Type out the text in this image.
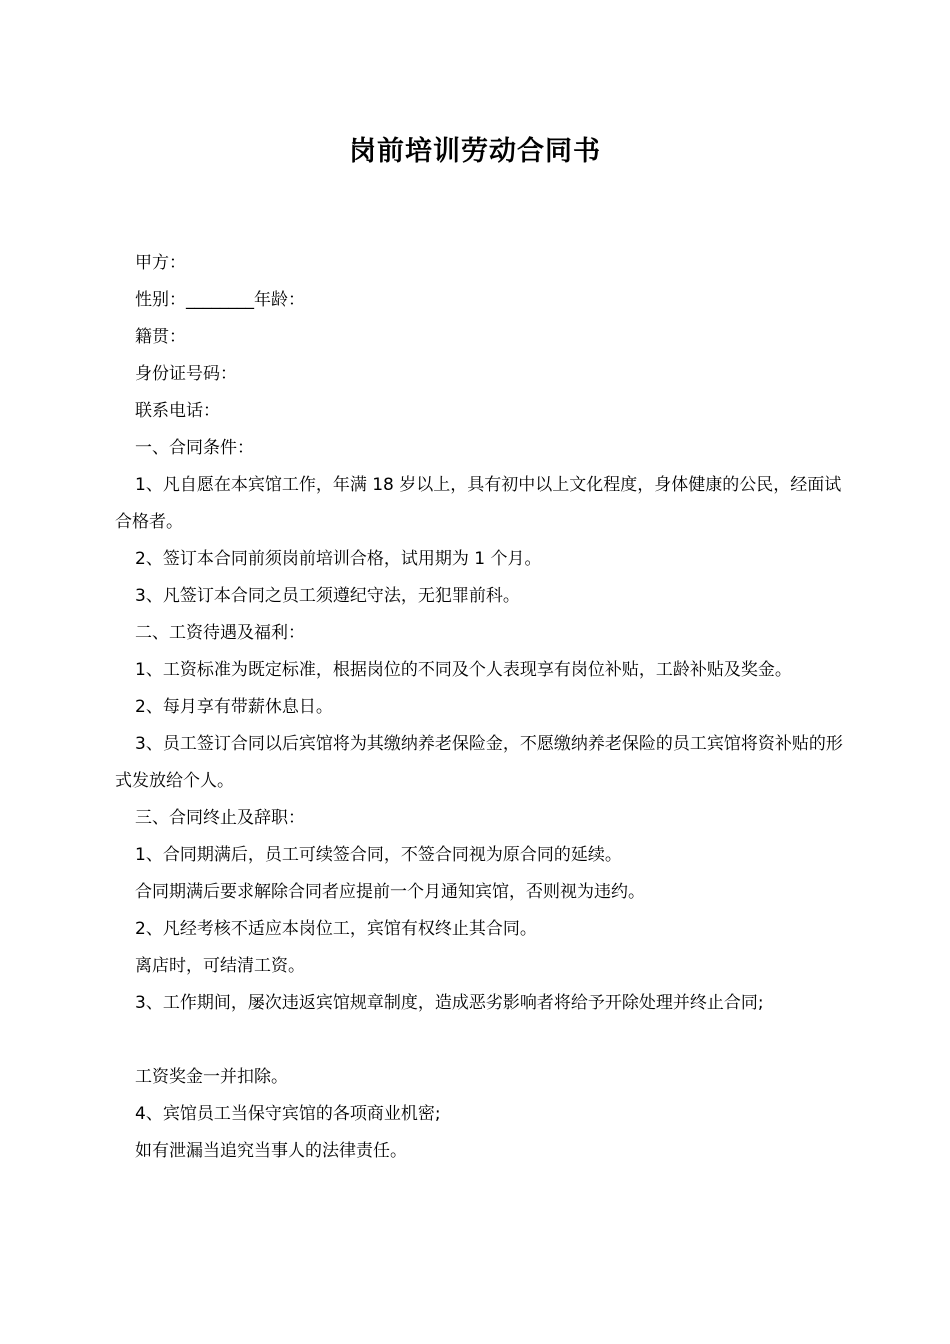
岗前培训劳动合同书

甲方：

性别：________年龄：

籍贯：

身份证号码：

联系电话：

一、合同条件：

1、凡自愿在本宾馆工作，年满 18 岁以上，具有初中以上文化程度，身体健康的公民，经面试合格者。

2、签订本合同前须岗前培训合格，试用期为 1 个月。

3、凡签订本合同之员工须遵纪守法，无犯罪前科。

二、工资待遇及福利：

1、工资标准为既定标准，根据岗位的不同及个人表现享有岗位补贴，工龄补贴及奖金。

2、每月享有带薪休息日。

3、员工签订合同以后宾馆将为其缴纳养老保险金，不愿缴纳养老保险的员工宾馆将资补贴的形式发放给个人。

三、合同终止及辞职：

1、合同期满后，员工可续签合同，不签合同视为原合同的延续。

合同期满后要求解除合同者应提前一个月通知宾馆，否则视为违约。

2、凡经考核不适应本岗位工，宾馆有权终止其合同。

离店时，可结清工资。

3、工作期间，屡次违返宾馆规章制度，造成恶劣影响者将给予开除处理并终止合同;

工资奖金一并扣除。

4、宾馆员工当保守宾馆的各项商业机密;

如有泄漏当追究当事人的法律责任。
